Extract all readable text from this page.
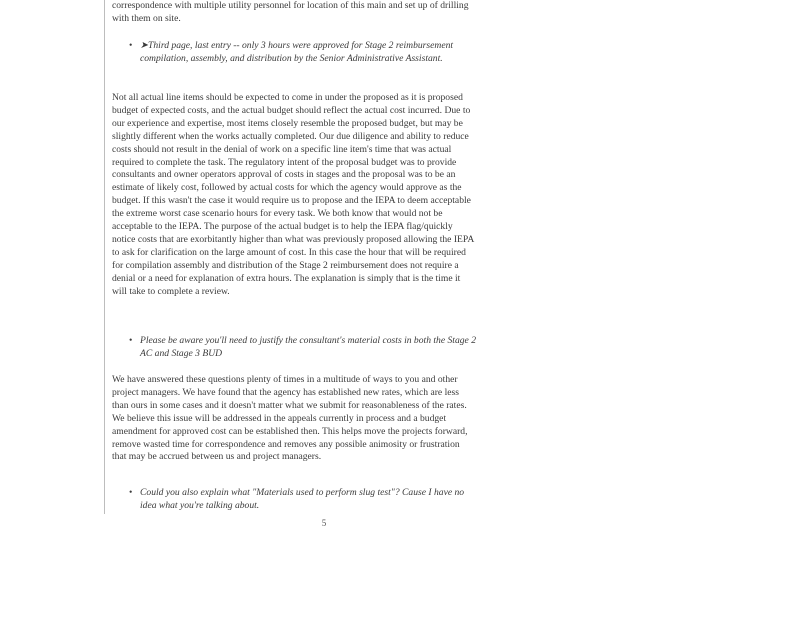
correspondence with multiple utility personnel for location of this main and set up of drilling with them on site.

• ➤Third page, last entry -- only 3 hours were approved for Stage 2 reimbursement compilation, assembly, and distribution by the Senior Administrative Assistant.

Not all actual line items should be expected to come in under the proposed as it is proposed budget of expected costs, and the actual budget should reflect the actual cost incurred. Due to our experience and expertise, most items closely resemble the proposed budget, but may be slightly different when the works actually completed. Our due diligence and ability to reduce costs should not result in the denial of work on a specific line item's time that was actual required to complete the task. The regulatory intent of the proposal budget was to provide consultants and owner operators approval of costs in stages and the proposal was to be an estimate of likely cost, followed by actual costs for which the agency would approve as the budget. If this wasn't the case it would require us to propose and the IEPA to deem acceptable the extreme worst case scenario hours for every task. We both know that would not be acceptable to the IEPA. The purpose of the actual budget is to help the IEPA flag/quickly notice costs that are exorbitantly higher than what was previously proposed allowing the IEPA to ask for clarification on the large amount of cost. In this case the hour that will be required for compilation assembly and distribution of the Stage 2 reimbursement does not require a denial or a need for explanation of extra hours. The explanation is simply that is the time it will take to complete a review.

• Please be aware you'll need to justify the consultant's material costs in both the Stage 2 AC and Stage 3 BUD

We have answered these questions plenty of times in a multitude of ways to you and other project managers. We have found that the agency has established new rates, which are less than ours in some cases and it doesn't matter what we submit for reasonableness of the rates. We believe this issue will be addressed in the appeals currently in process and a budget amendment for approved cost can be established then. This helps move the projects forward, remove wasted time for correspondence and removes any possible animosity or frustration that may be accrued between us and project managers.

• Could you also explain what "Materials used to perform slug test"? Cause I have no idea what you're talking about.

5
